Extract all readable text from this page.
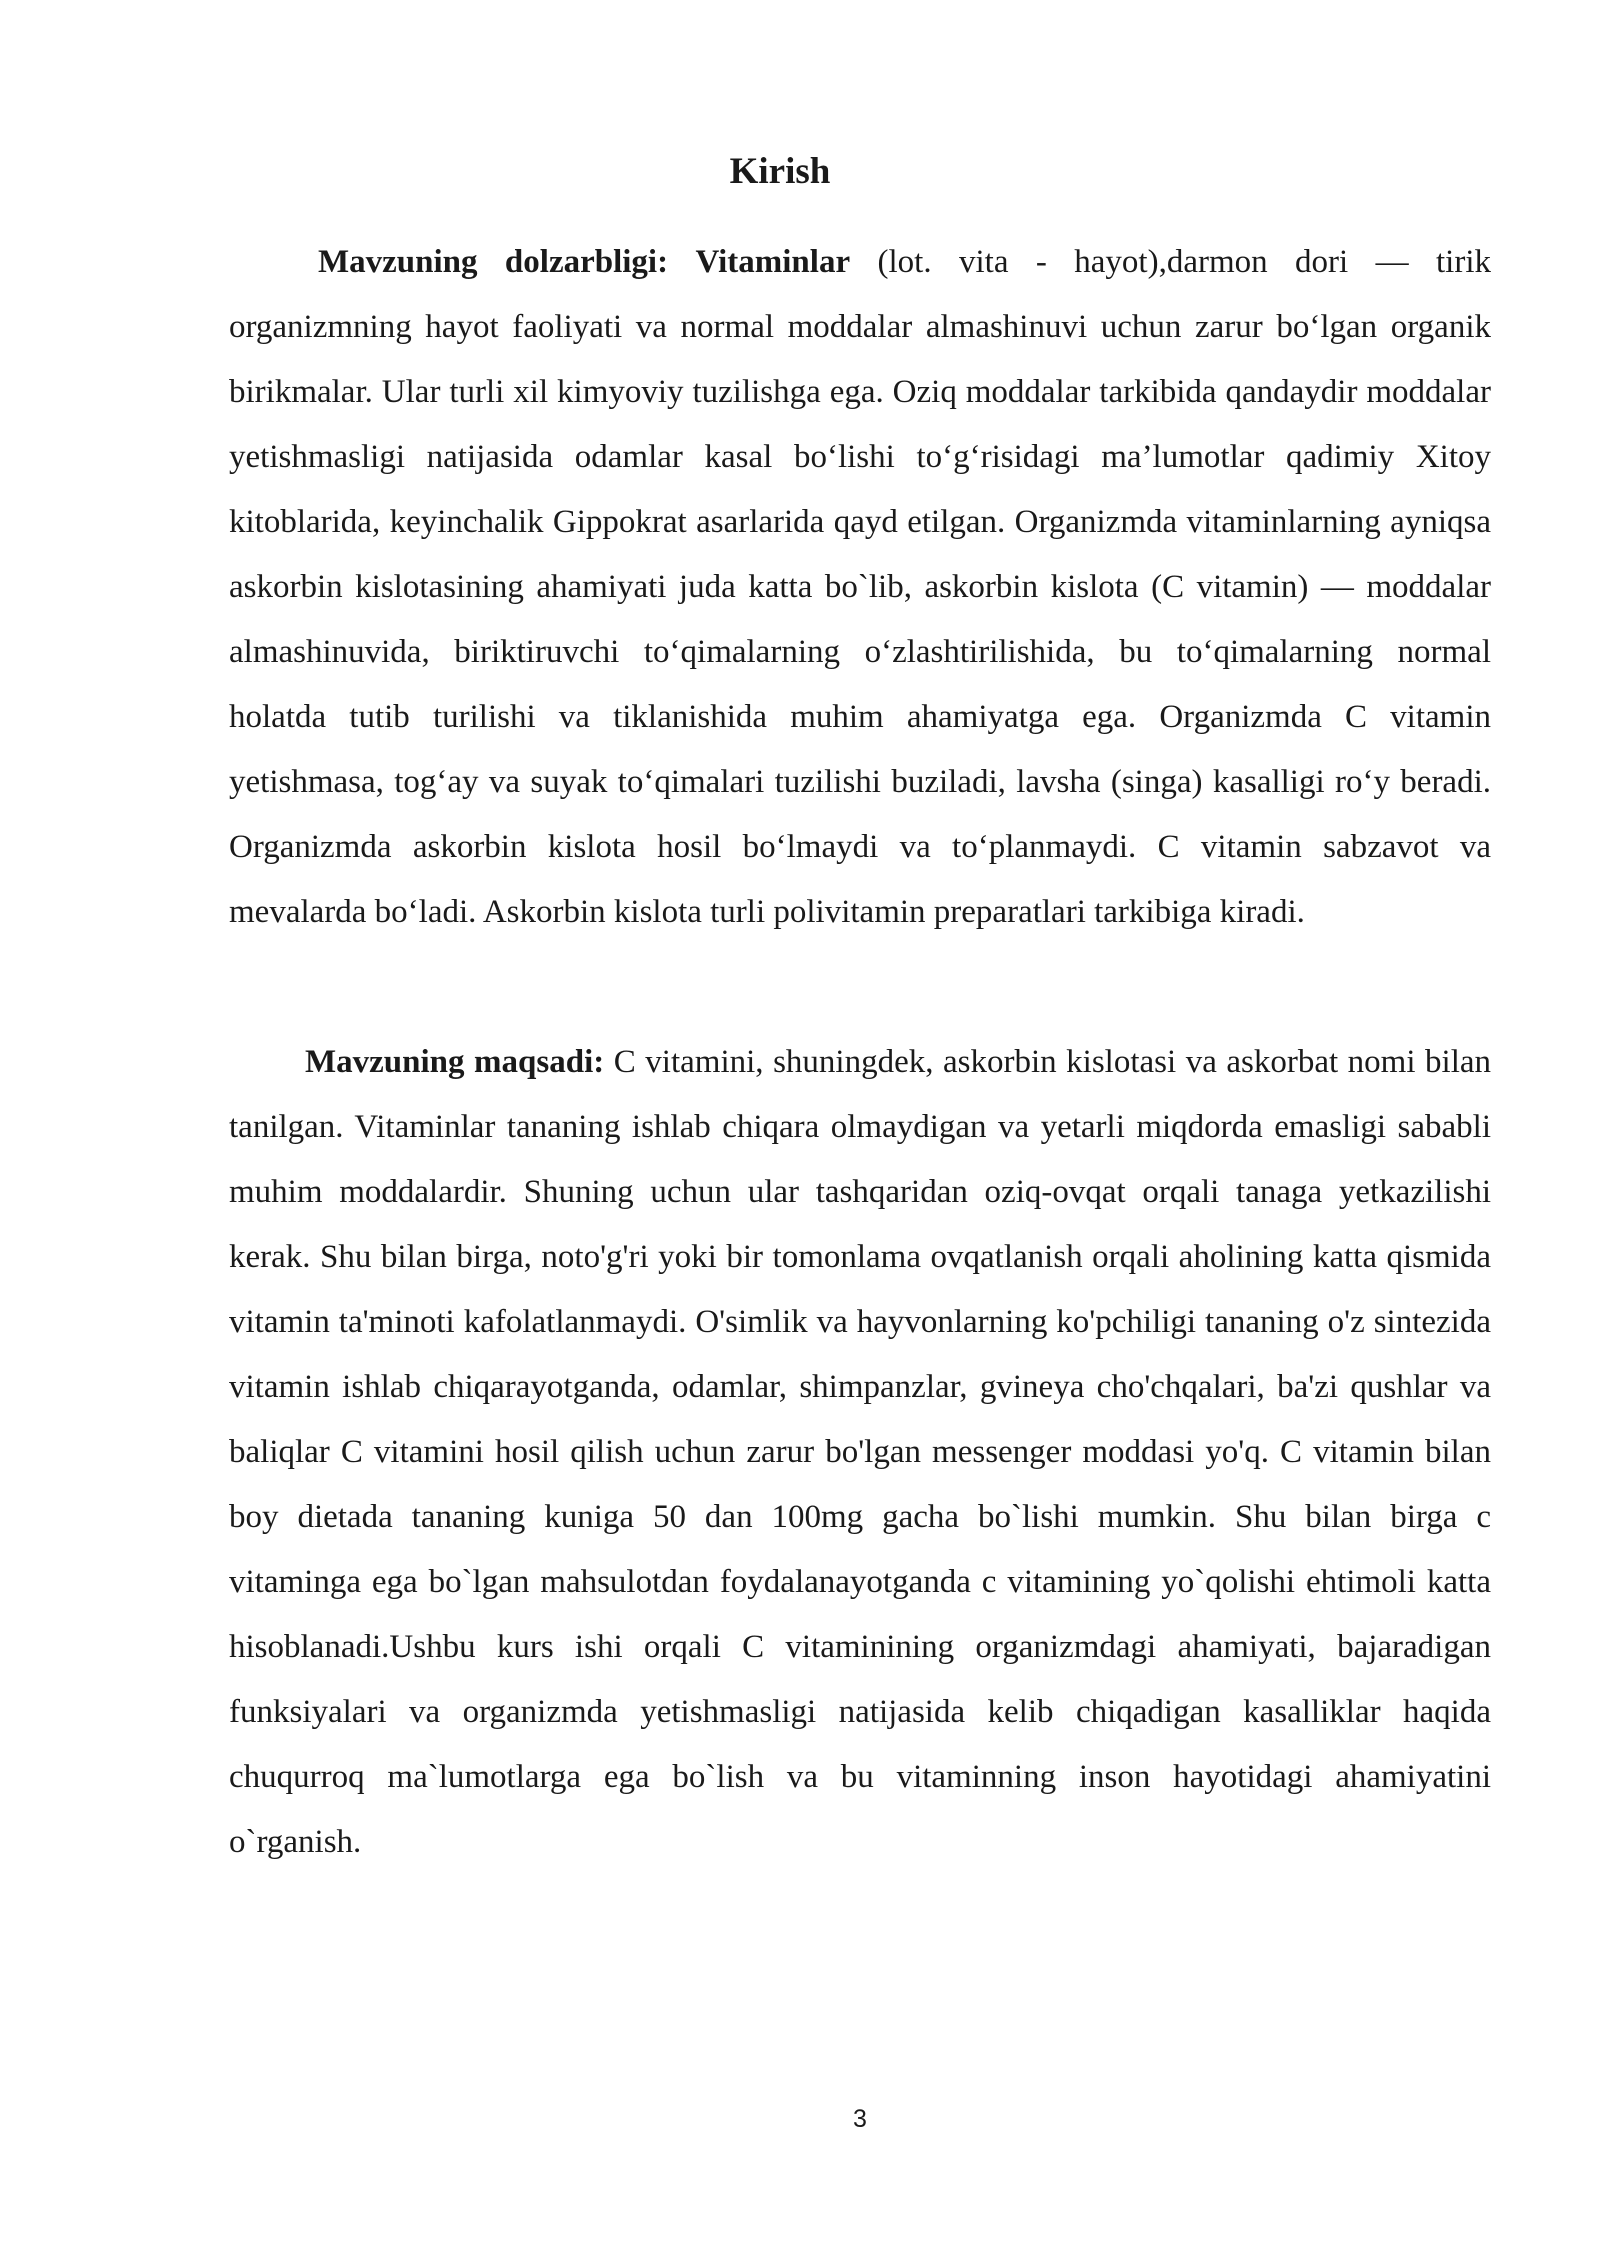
Kirish

Mavzuning dolzarbligi: Vitaminlar (lot. vita - hayot),darmon dori — tirik organizmning hayot faoliyati va normal moddalar almashinuvi uchun zarur bo‘lgan organik birikmalar. Ular turli xil kimyoviy tuzilishga ega. Oziq moddalar tarkibida qandaydir moddalar yetishmasligi natijasida odamlar kasal bo‘lishi to‘g‘risidagi ma’lumotlar qadimiy Xitoy kitoblarida, keyinchalik Gippokrat asarlarida qayd etilgan. Organizmda vitaminlarning ayniqsa askorbin kislotasining ahamiyati juda katta bo`lib, askorbin kislota (C vitamin) — moddalar almashinuvida, biriktiruvchi to‘qimalarning o‘zlashtirilishida, bu to‘qimalarning normal holatda tutib turilishi va tiklanishida muhim ahamiyatga ega. Organizmda C vitamin yetishmasa, tog‘ay va suyak to‘qimalari tuzilishi buziladi, lavsha (singa) kasalligi ro‘y beradi. Organizmda askorbin kislota hosil bo‘lmaydi va to‘planmaydi. C vitamin sabzavot va mevalarda bo‘ladi. Askorbin kislota turli polivitamin preparatlari tarkibiga kiradi.

Mavzuning maqsadi: C vitamini, shuningdek, askorbin kislotasi va askorbat nomi bilan tanilgan. Vitaminlar tananing ishlab chiqara olmaydigan va yetarli miqdorda emasligi sababli muhim moddalardir. Shuning uchun ular tashqaridan oziq-ovqat orqali tanaga yetkazilishi kerak. Shu bilan birga, noto'g'ri yoki bir tomonlama ovqatlanish orqali aholining katta qismida vitamin ta'minoti kafolatlanmaydi. O'simlik va hayvonlarning ko'pchiligi tananing o'z sintezida vitamin ishlab chiqarayotganda, odamlar, shimpanzlar, gvineya cho'chqalari, ba'zi qushlar va baliqlar C vitamini hosil qilish uchun zarur bo'lgan messenger moddasi yo'q. C vitamin bilan boy dietada tananing kuniga 50 dan 100mg gacha bo`lishi mumkin. Shu bilan birga c vitaminga ega bo`lgan mahsulotdan foydalanayotganda c vitamining yo`qolishi ehtimoli katta hisoblanadi.Ushbu kurs ishi orqali C vitaminining organizmdagi ahamiyati, bajaradigan funksiyalari va organizmda yetishmasligi natijasida kelib chiqadigan kasalliklar haqida chuqurroq ma`lumotlarga ega bo`lish va bu vitaminning inson hayotidagi ahamiyatini o`rganish.

3
